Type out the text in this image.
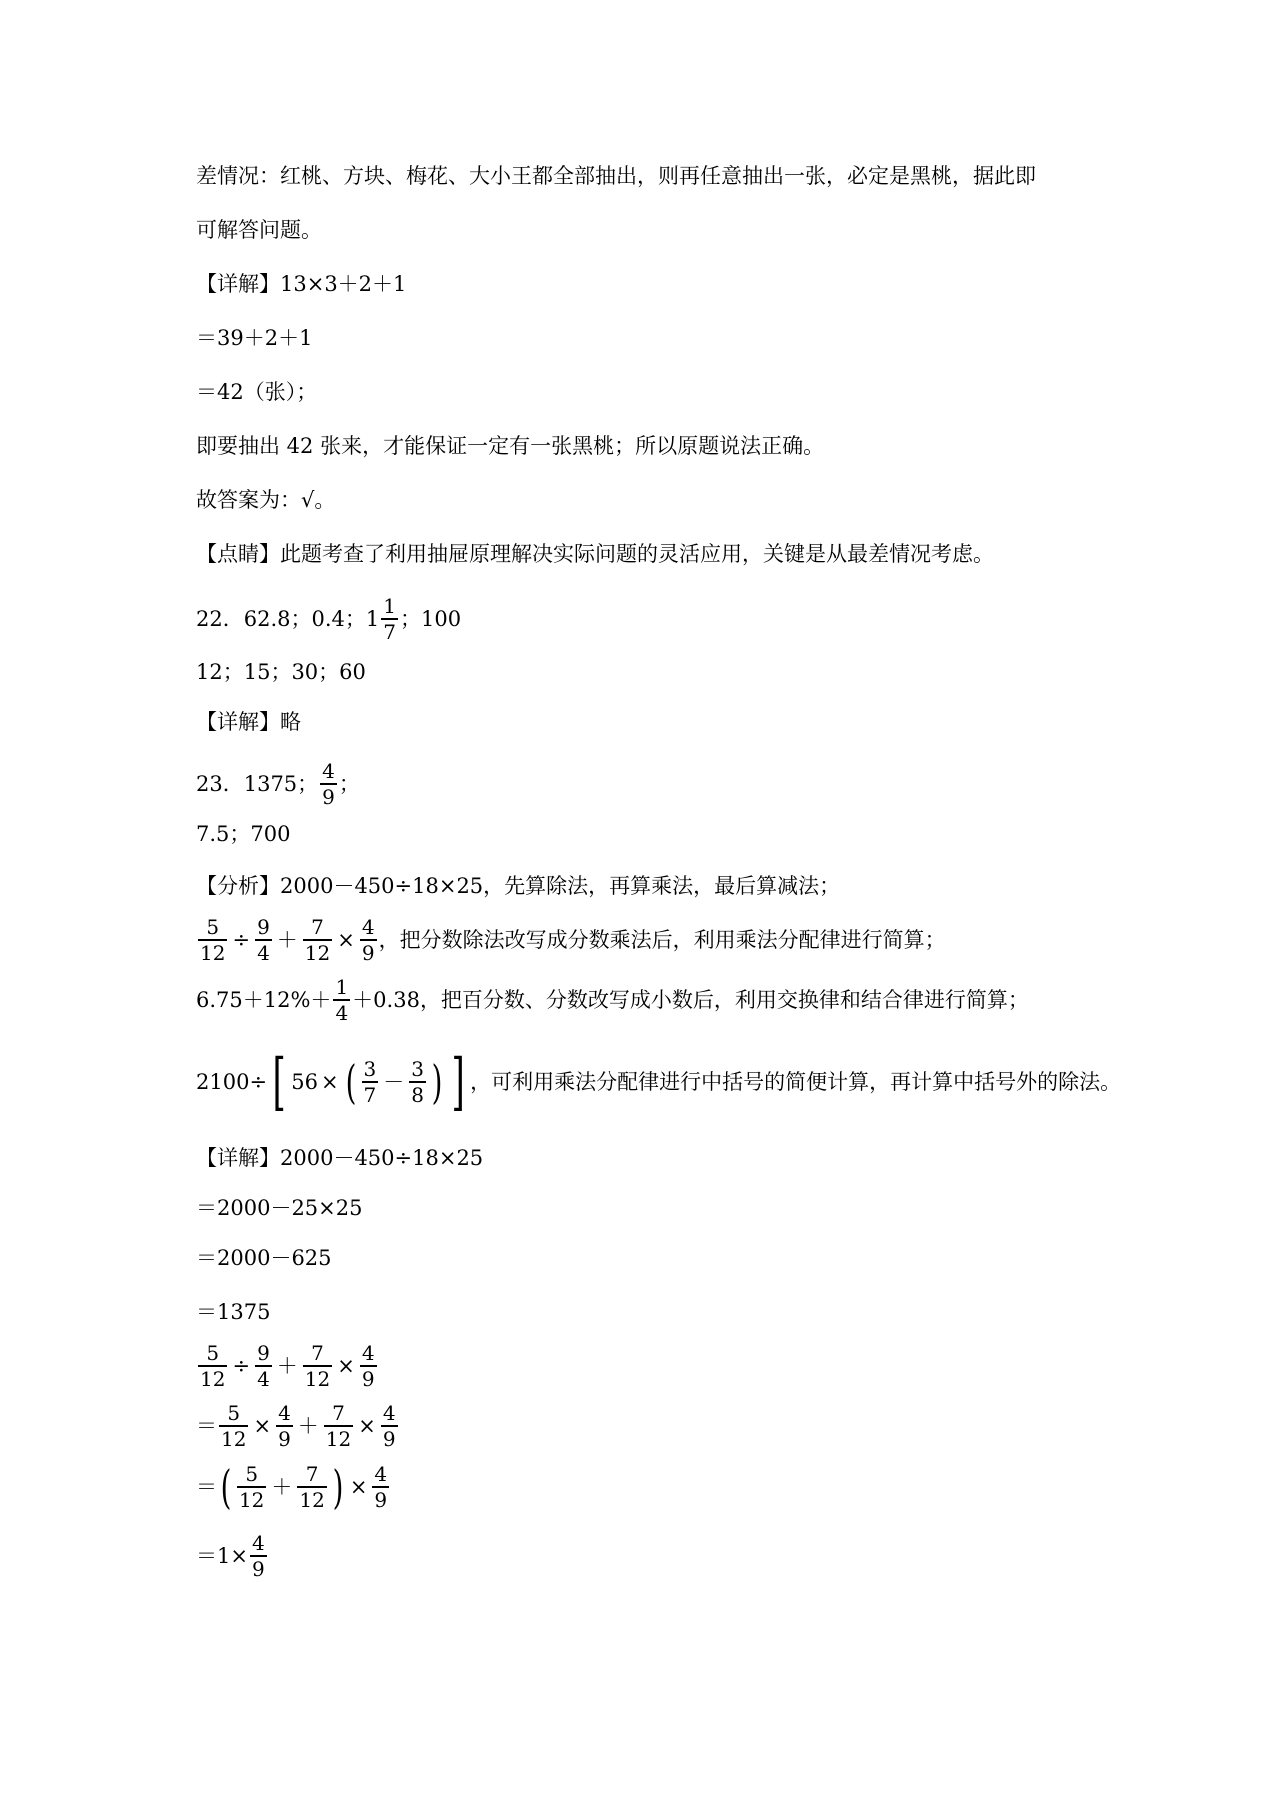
差情况：红桃、方块、梅花、大小王都全部抽出，则再任意抽出一张，必定是黑桃，据此即
可解答问题。
【详解】13×3＋2＋1
＝39＋2＋1
＝42（张）；
即要抽出 42 张来，才能保证一定有一张黑桃；所以原题说法正确。
故答案为：√。
【点睛】此题考查了利用抽屉原理解决实际问题的灵活应用，关键是从最差情况考虑。
22．62.8；0.4； $1 \frac{1}{7}$ ；100
12；15；30；60
【详解】略
23．1375； $\frac{4}{9}$ ；
7.5；700
【分析】2000－450÷18×25，先算除法，再算乘法，最后算减法；
$\frac{5}{12} \div \frac{9}{4} + \frac{7}{12} \times \frac{4}{9}$ ，把分数除法改写成分数乘法后，利用乘法分配律进行简算；
$6.75+12\%+ \frac{1}{4} +0.38$ ，把百分数、分数改写成小数后，利用交换律和结合律进行简算；
2100÷ [ 56 × ( $\frac{3}{7} - \frac{3}{8}$ ) ] ，可利用乘法分配律进行中括号的简便计算，再计算中括号外的除法。
【详解】2000－450÷18×25
＝2000－25×25
＝2000－625
＝1375
$\frac{5}{12} \div \frac{9}{4} + \frac{7}{12} \times \frac{4}{9}$
＝ $\frac{5}{12} \times \frac{4}{9} + \frac{7}{12} \times \frac{4}{9}$
＝ ( $\frac{5}{12} + \frac{7}{12}$ ) × $\frac{4}{9}$
$=1\times \frac{4}{9}$
